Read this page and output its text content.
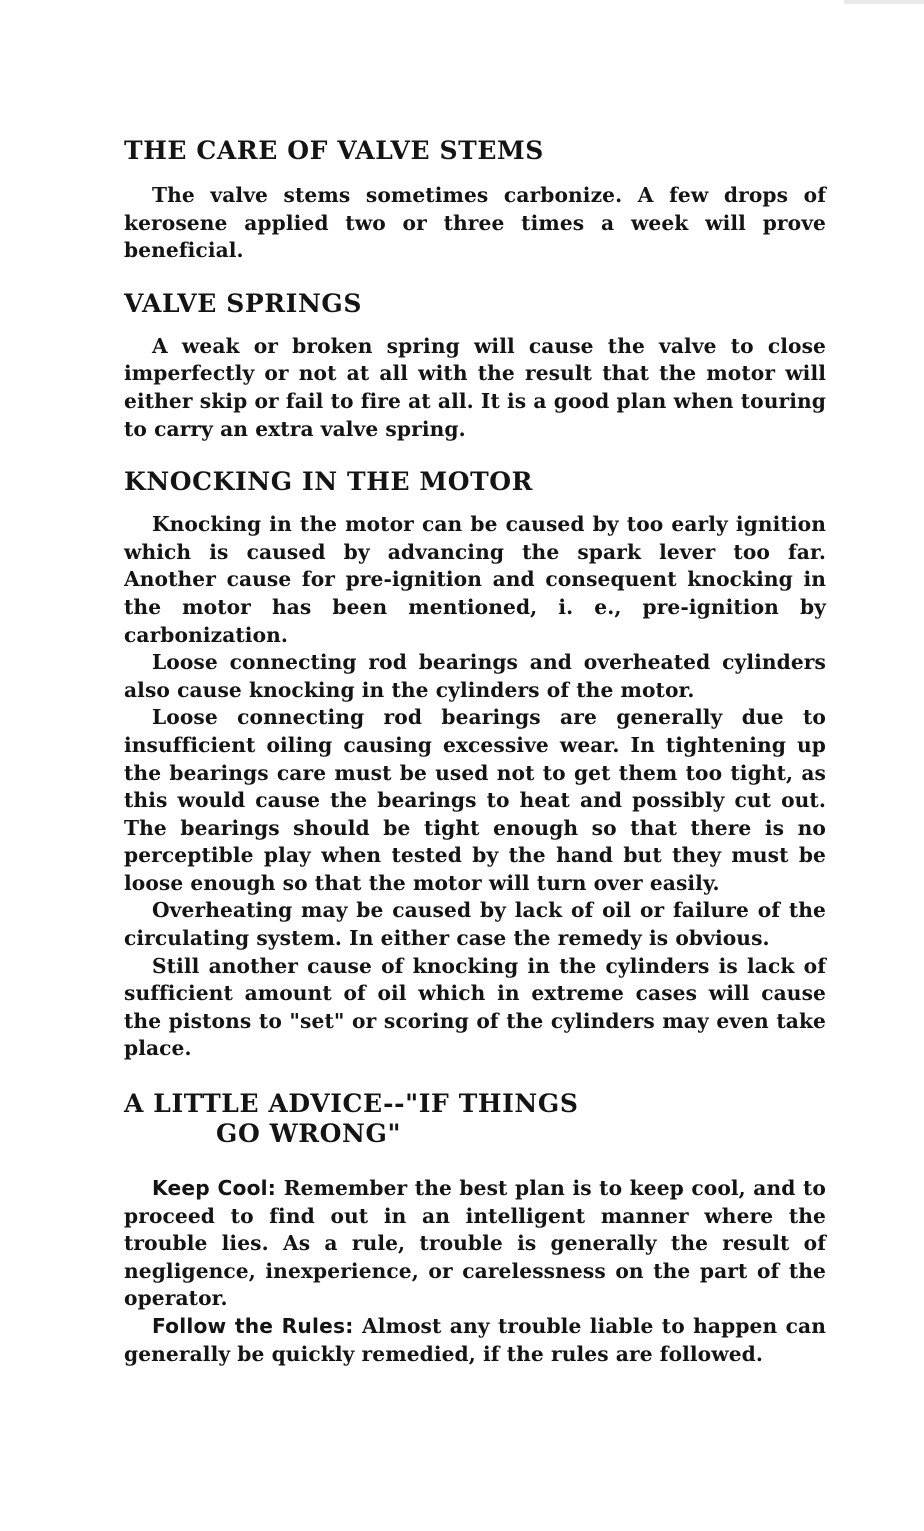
THE CARE OF VALVE STEMS

The valve stems sometimes carbonize. A few drops of kerosene applied two or three times a week will prove beneficial.

VALVE SPRINGS

A weak or broken spring will cause the valve to close imperfectly or not at all with the result that the motor will either skip or fail to fire at all. It is a good plan when touring to carry an extra valve spring.

KNOCKING IN THE MOTOR

Knocking in the motor can be caused by too early ignition which is caused by advancing the spark lever too far. Another cause for pre-ignition and consequent knocking in the motor has been mentioned, i. e., pre-ignition by carbonization.

Loose connecting rod bearings and overheated cylinders also cause knocking in the cylinders of the motor.

Loose connecting rod bearings are generally due to insufficient oiling causing excessive wear. In tightening up the bearings care must be used not to get them too tight, as this would cause the bearings to heat and possibly cut out. The bearings should be tight enough so that there is no perceptible play when tested by the hand but they must be loose enough so that the motor will turn over easily.

Overheating may be caused by lack of oil or failure of the circulating system. In either case the remedy is obvious.

Still another cause of knocking in the cylinders is lack of sufficient amount of oil which in extreme cases will cause the pistons to "set" or scoring of the cylinders may even take place.

A LITTLE ADVICE--"IF THINGS
GO WRONG"

Keep Cool: Remember the best plan is to keep cool, and to proceed to find out in an intelligent manner where the trouble lies. As a rule, trouble is generally the result of negligence, inexperience, or carelessness on the part of the operator.

Follow the Rules: Almost any trouble liable to happen can generally be quickly remedied, if the rules are followed.
